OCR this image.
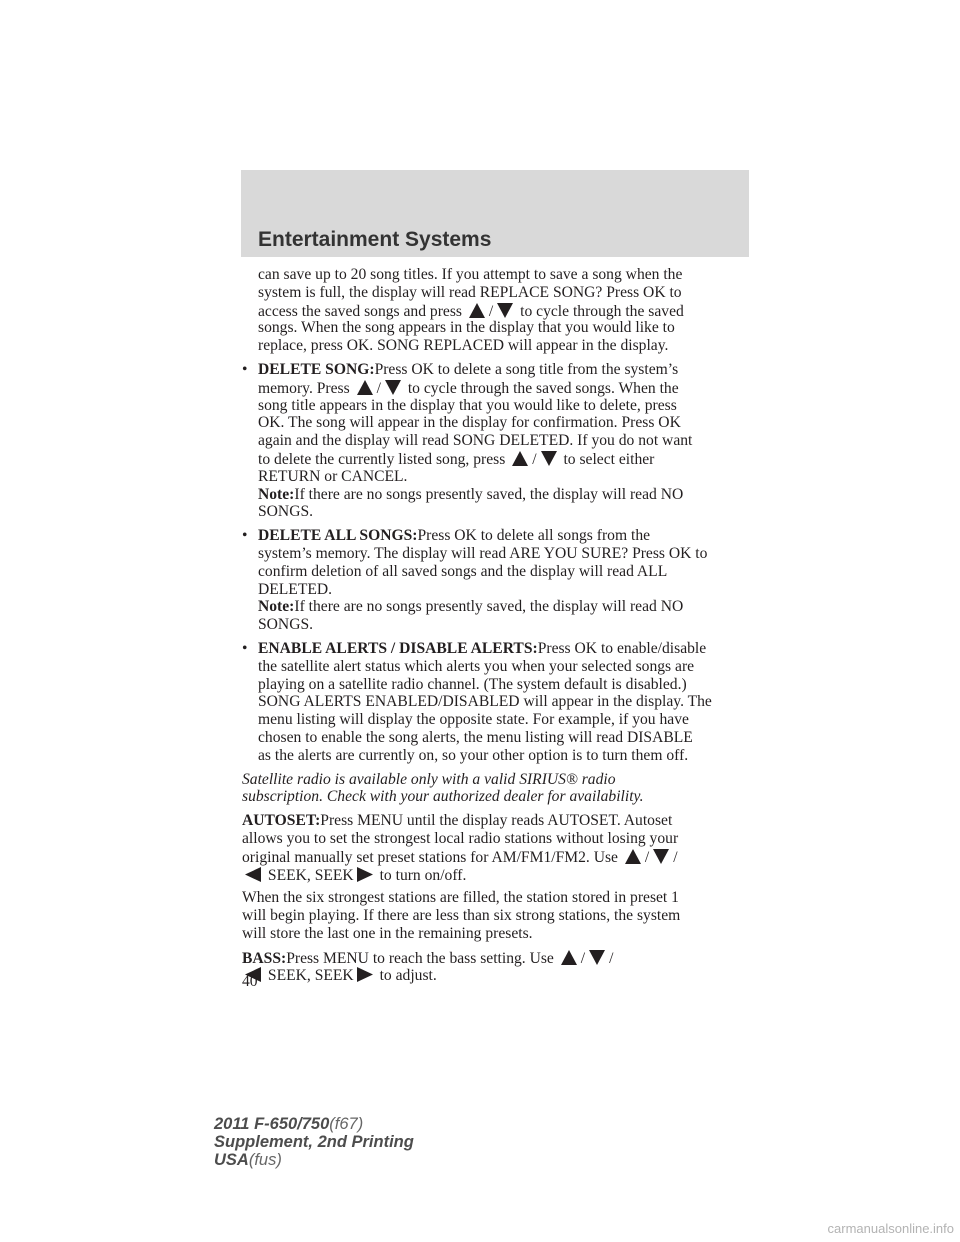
Entertainment Systems

can save up to 20 song titles. If you attempt to save a song when the
system is full, the display will read REPLACE SONG? Press OK to
access the saved songs and press / to cycle through the saved
songs. When the song appears in the display that you would like to
replace, press OK. SONG REPLACED will appear in the display.

• DELETE SONG:Press OK to delete a song title from the system’s
memory. Press / to cycle through the saved songs. When the
song title appears in the display that you would like to delete, press
OK. The song will appear in the display for confirmation. Press OK
again and the display will read SONG DELETED. If you do not want
to delete the currently listed song, press / to select either
RETURN or CANCEL.
Note:If there are no songs presently saved, the display will read NO
SONGS.

• DELETE ALL SONGS:Press OK to delete all songs from the
system’s memory. The display will read ARE YOU SURE? Press OK to
confirm deletion of all saved songs and the display will read ALL
DELETED.
Note:If there are no songs presently saved, the display will read NO
SONGS.

• ENABLE ALERTS / DISABLE ALERTS:Press OK to enable/disable
the satellite alert status which alerts you when your selected songs are
playing on a satellite radio channel. (The system default is disabled.)
SONG ALERTS ENABLED/DISABLED will appear in the display. The
menu listing will display the opposite state. For example, if you have
chosen to enable the song alerts, the menu listing will read DISABLE
as the alerts are currently on, so your other option is to turn them off.

Satellite radio is available only with a valid SIRIUS® radio
subscription. Check with your authorized dealer for availability.

AUTOSET:Press MENU until the display reads AUTOSET. Autoset
allows you to set the strongest local radio stations without losing your
original manually set preset stations for AM/FM1/FM2. Use / /
SEEK, SEEK to turn on/off.

When the six strongest stations are filled, the station stored in preset 1
will begin playing. If there are less than six strong stations, the system
will store the last one in the remaining presets.

BASS:Press MENU to reach the bass setting. Use / /
SEEK, SEEK to adjust.

40
2011 F-650/750(f67)
Supplement, 2nd Printing
USA(fus)
carmanualsonline.info
